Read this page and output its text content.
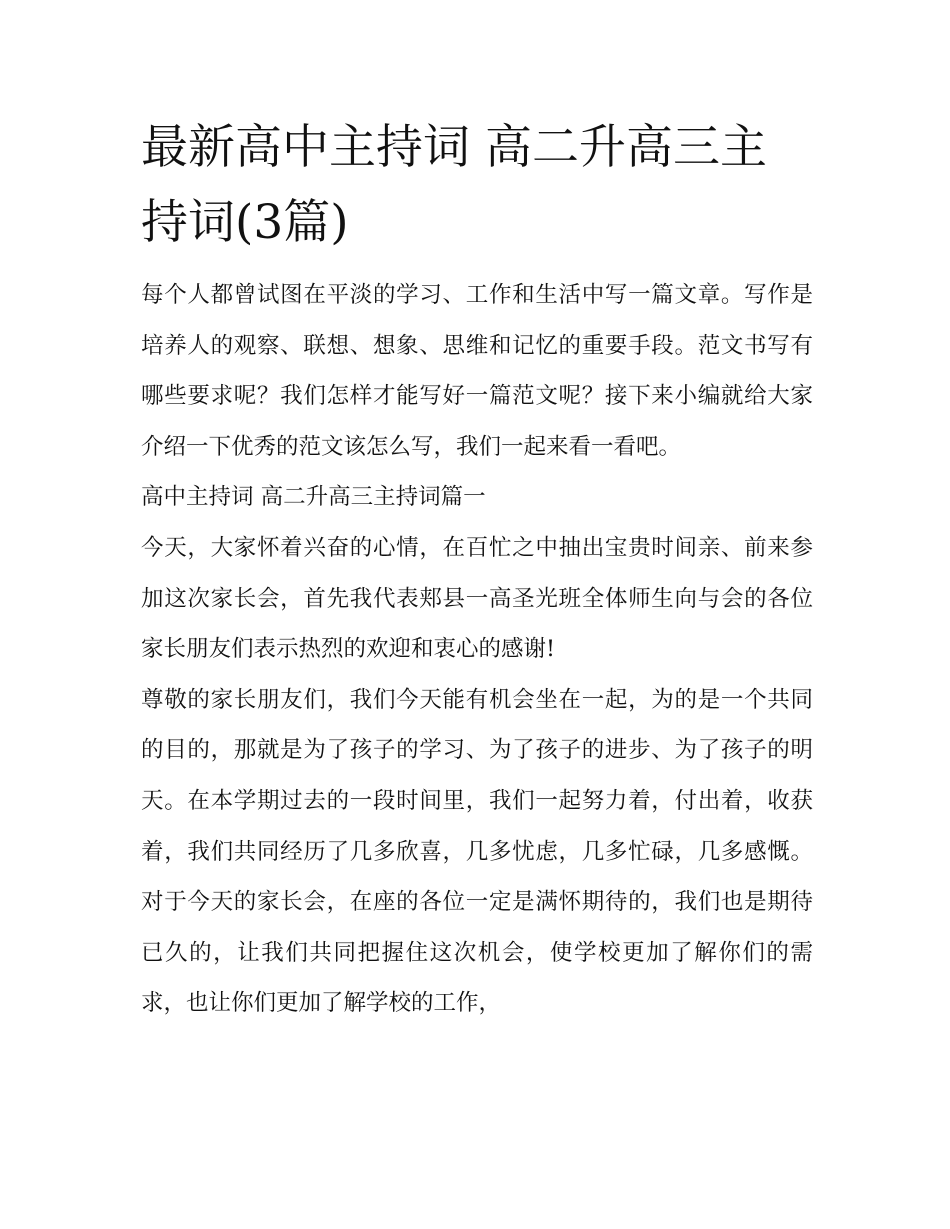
最新高中主持词 高二升高三主持词(3篇)

每个人都曾试图在平淡的学习、工作和生活中写一篇文章。写作是培养人的观察、联想、想象、思维和记忆的重要手段。范文书写有哪些要求呢？我们怎样才能写好一篇范文呢？接下来小编就给大家介绍一下优秀的范文该怎么写，我们一起来看一看吧。

高中主持词 高二升高三主持词篇一

今天，大家怀着兴奋的心情，在百忙之中抽出宝贵时间亲、前来参加这次家长会，首先我代表郏县一高圣光班全体师生向与会的各位家长朋友们表示热烈的欢迎和衷心的感谢!

尊敬的家长朋友们，我们今天能有机会坐在一起，为的是一个共同的目的，那就是为了孩子的学习、为了孩子的进步、为了孩子的明天。在本学期过去的一段时间里，我们一起努力着，付出着，收获着，我们共同经历了几多欣喜，几多忧虑，几多忙碌，几多感慨。对于今天的家长会，在座的各位一定是满怀期待的，我们也是期待已久的，让我们共同把握住这次机会，使学校更加了解你们的需求，也让你们更加了解学校的工作，
